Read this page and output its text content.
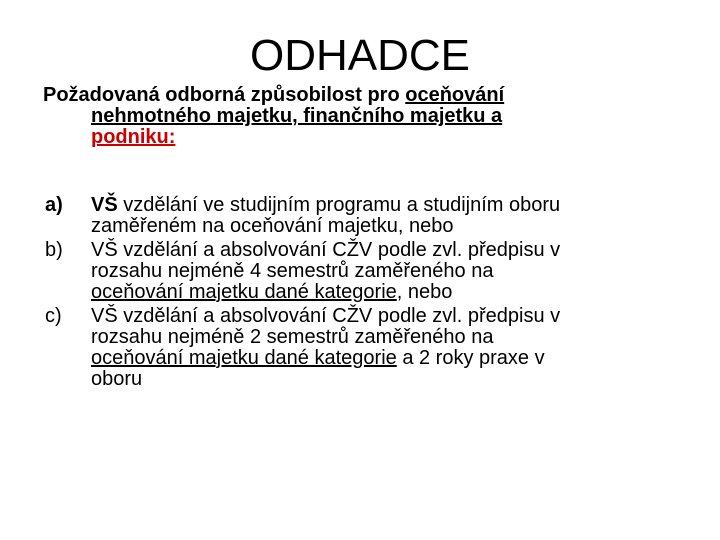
ODHADCE
Požadovaná odborná způsobilost pro oceňování
nehmotného majetku, finančního majetku a
podniku:
a) VŠ vzdělání ve studijním programu a studijním oboru
zaměřeném na oceňování majetku, nebo
b) VŠ vzdělání a absolvování CŽV podle zvl. předpisu v
rozsahu nejméně 4 semestrů zaměřeného na
oceňování majetku dané kategorie, nebo
c) VŠ vzdělání a absolvování CŽV podle zvl. předpisu v
rozsahu nejméně 2 semestrů zaměřeného na
oceňování majetku dané kategorie a 2 roky praxe v
oboru
